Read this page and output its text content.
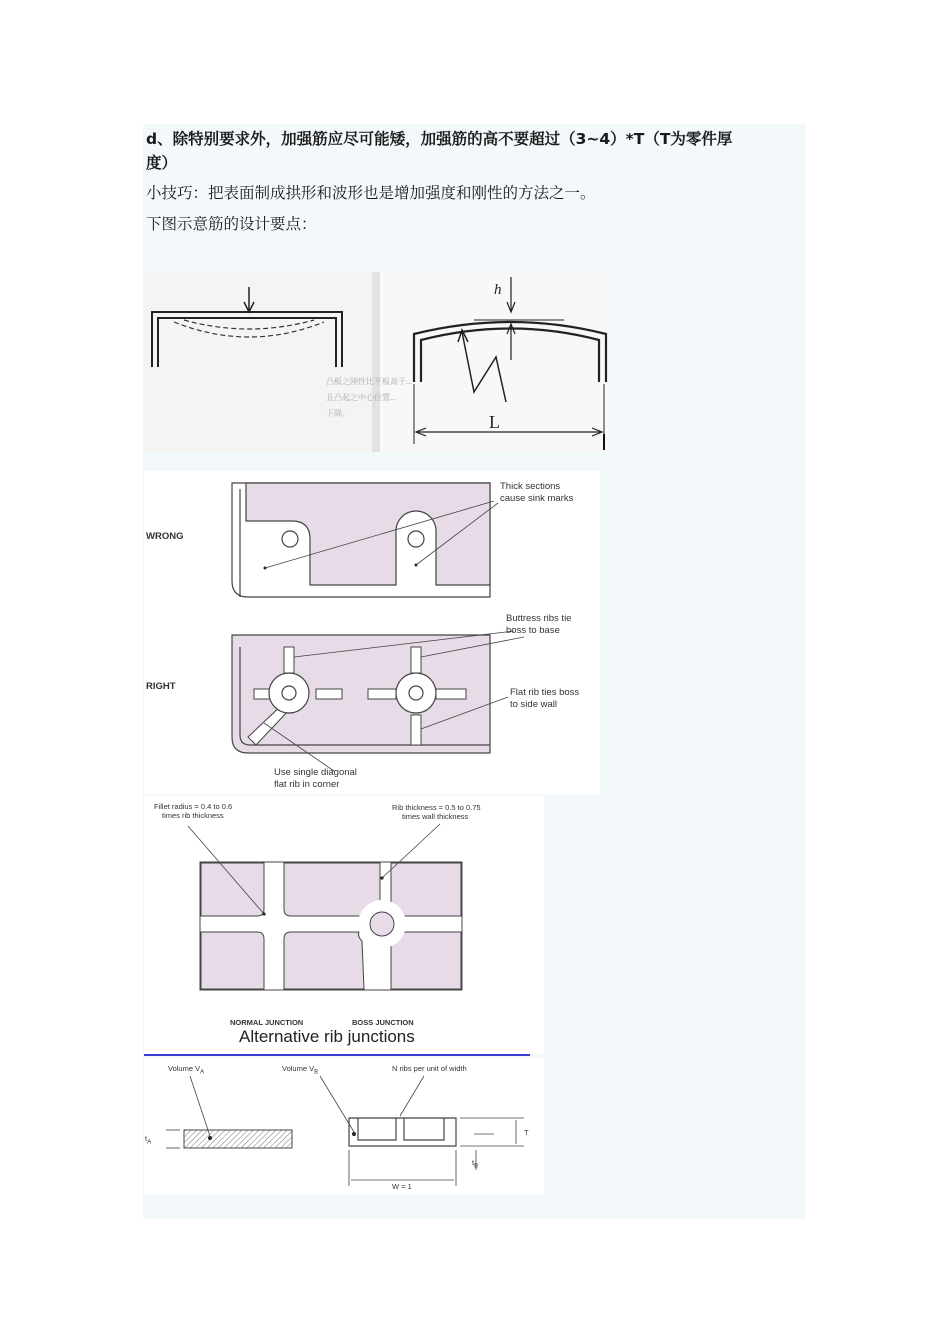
d、除特别要求外，加强筋应尽可能矮，加强筋的高不要超过（3~4）*T（T为零件厚
度）
小技巧：把表面制成拱形和波形也是增加强度和刚性的方法之一。
下图示意筋的设计要点：
h
L
凸板之刚性比平板高于...
且凸起之中心位置...
下降。
WRONG
RIGHT
Thick sections
cause sink marks
Buttress ribs tie
boss to base
Flat rib ties boss
to side wall
Use single diagonal
flat rib in corner
Fillet radius = 0.4 to 0.6
times rib thickness
Rib thickness = 0.5 to 0.75
times wall thickness
NORMAL JUNCTION	BOSS JUNCTION
Alternative rib junctions
Volume $V_A$	Volume $V_B$	N ribs per unit of width
$t_A$
$t_B$
T
W = 1
